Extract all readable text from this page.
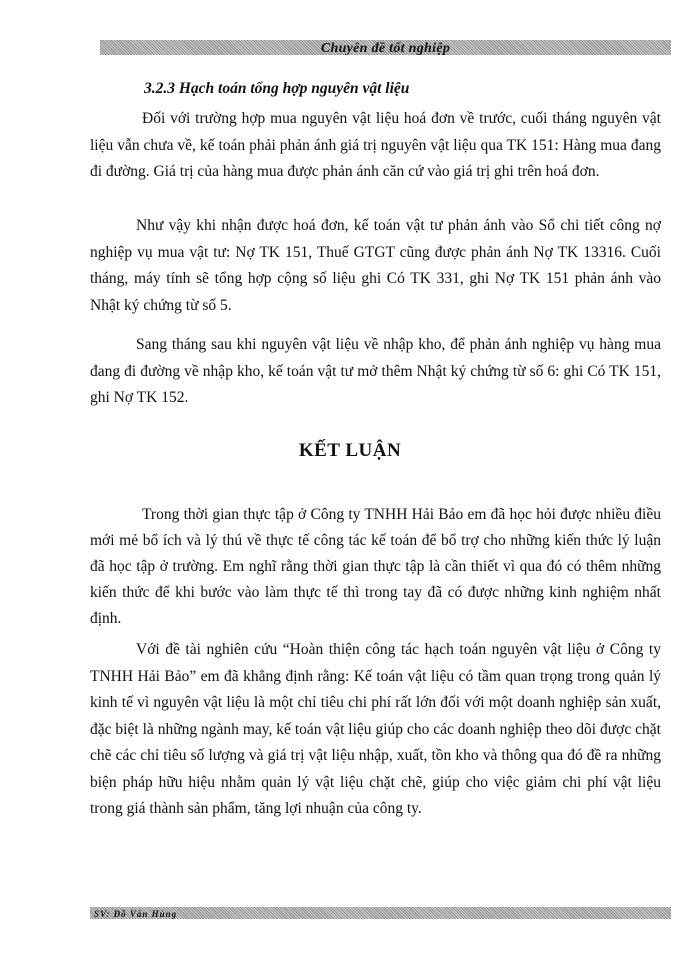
Chuyên đề tốt nghiệp
3.2.3 Hạch toán tổng hợp nguyên vật liệu

Đối với trường hợp mua nguyên vật liệu hoá đơn về trước, cuối tháng nguyên vật liệu vẫn chưa về, kế toán phải phản ánh giá trị nguyên vật liệu qua TK 151: Hàng mua đang đi đường. Giá trị của hàng mua được phản ánh căn cứ vào giá trị ghi trên hoá đơn.

Như vậy khi nhận được hoá đơn, kế toán vật tư phản ánh vào Sổ chi tiết công nợ nghiệp vụ mua vật tư: Nợ TK 151, Thuế GTGT cũng được phản ánh Nợ TK 13316. Cuối tháng, máy tính sẽ tổng hợp cộng số liệu ghi Có TK 331, ghi Nợ TK 151 phản ánh vào Nhật ký chứng từ số 5.

Sang tháng sau khi nguyên vật liệu về nhập kho, để phản ánh nghiệp vụ hàng mua đang đi đường về nhập kho, kế toán vật tư mở thêm Nhật ký chứng từ số 6: ghi Có TK 151, ghi Nợ TK 152.

KẾT LUẬN

Trong thời gian thực tập ở Công ty TNHH Hải Bảo em đã học hỏi được nhiều điều mới mẻ bổ ích và lý thú về thực tế công tác kế toán để bổ trợ cho những kiến thức lý luận đã học tập ở trường. Em nghĩ rằng thời gian thực tập là cần thiết vì qua đó có thêm những kiến thức để khi bước vào làm thực tế thì trong tay đã có được những kinh nghiệm nhất định.

Với đề tài nghiên cứu “Hoàn thiện công tác hạch toán nguyên vật liệu ở Công ty TNHH Hải Bảo” em đã khẳng định rằng: Kế toán vật liệu có tầm quan trọng trong quản lý kinh tế vì nguyên vật liệu là một chỉ tiêu chi phí rất lớn đối với một doanh nghiệp sản xuất, đặc biệt là những ngành may, kế toán vật liệu giúp cho các doanh nghiệp theo dõi được chặt chẽ các chỉ tiêu số lượng và giá trị vật liệu nhập, xuất, tồn kho và thông qua đó đề ra những biện pháp hữu hiệu nhằm quản lý vật liệu chặt chẽ, giúp cho việc giảm chi phí vật liệu trong giá thành sản phẩm, tăng lợi nhuận của công ty.

SV: Đỗ Văn Hùng
